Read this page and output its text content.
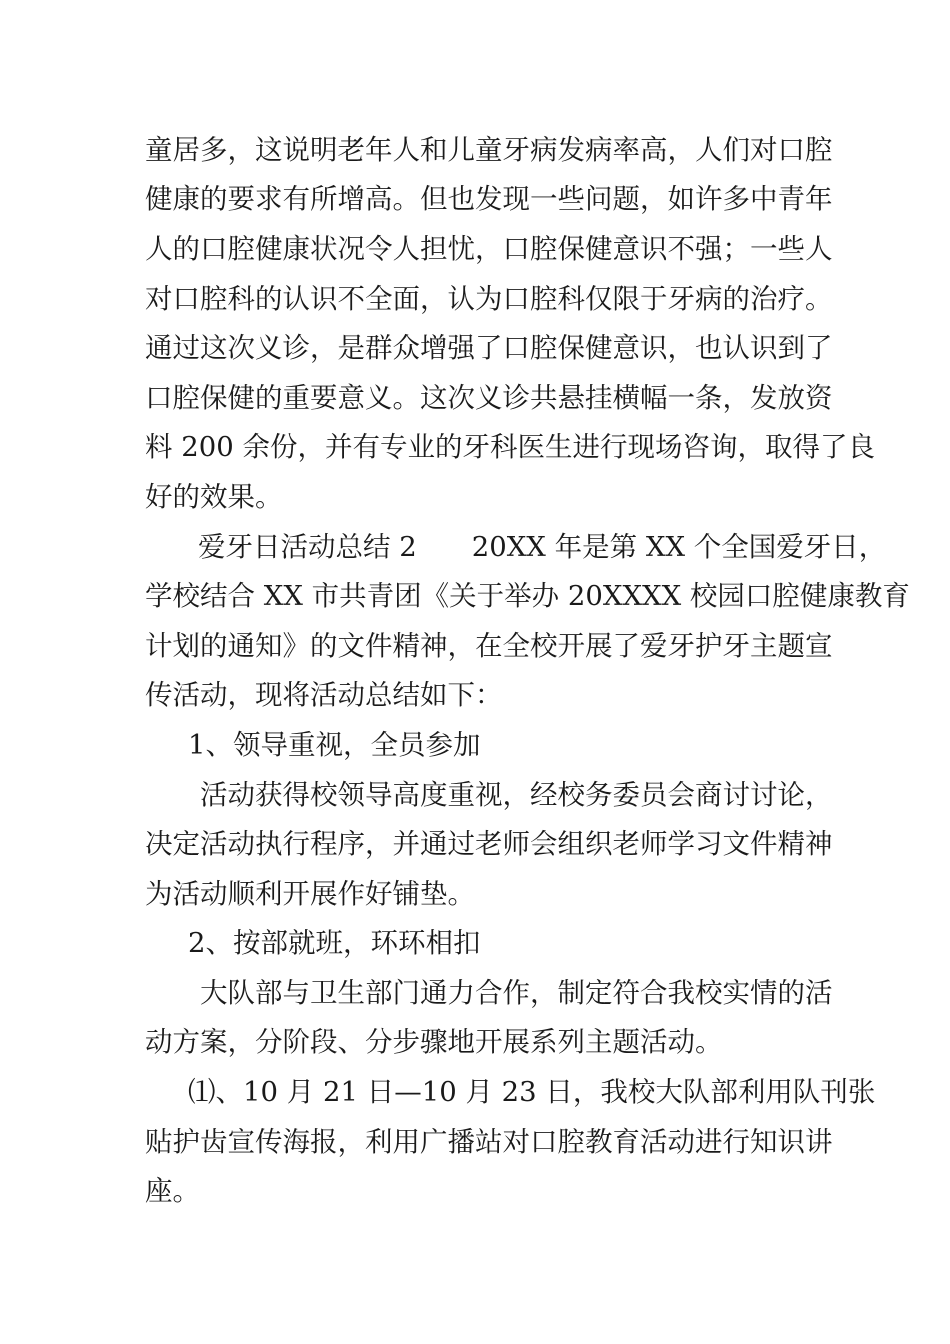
童居多，这说明老年人和儿童牙病发病率高，人们对口腔

健康的要求有所增高。但也发现一些问题，如许多中青年

人的口腔健康状况令人担忧，口腔保健意识不强；一些人

对口腔科的认识不全面，认为口腔科仅限于牙病的治疗。

通过这次义诊，是群众增强了口腔保健意识，也认识到了

口腔保健的重要意义。这次义诊共悬挂横幅一条，发放资

料 200 余份，并有专业的牙科医生进行现场咨询，取得了良

好的效果。

爱牙日活动总结 2　　20XX 年是第 XX 个全国爱牙日，

学校结合 XX 市共青团《关于举办 20XXXX 校园口腔健康教育

计划的通知》的文件精神，在全校开展了爱牙护牙主题宣

传活动，现将活动总结如下：

1、领导重视，全员参加

活动获得校领导高度重视，经校务委员会商讨讨论，

决定活动执行程序，并通过老师会组织老师学习文件精神

为活动顺利开展作好铺垫。

2、按部就班，环环相扣

大队部与卫生部门通力合作，制定符合我校实情的活

动方案，分阶段、分步骤地开展系列主题活动。

⑴、10 月 21 日—10 月 23 日，我校大队部利用队刊张

贴护齿宣传海报，利用广播站对口腔教育活动进行知识讲

座。
